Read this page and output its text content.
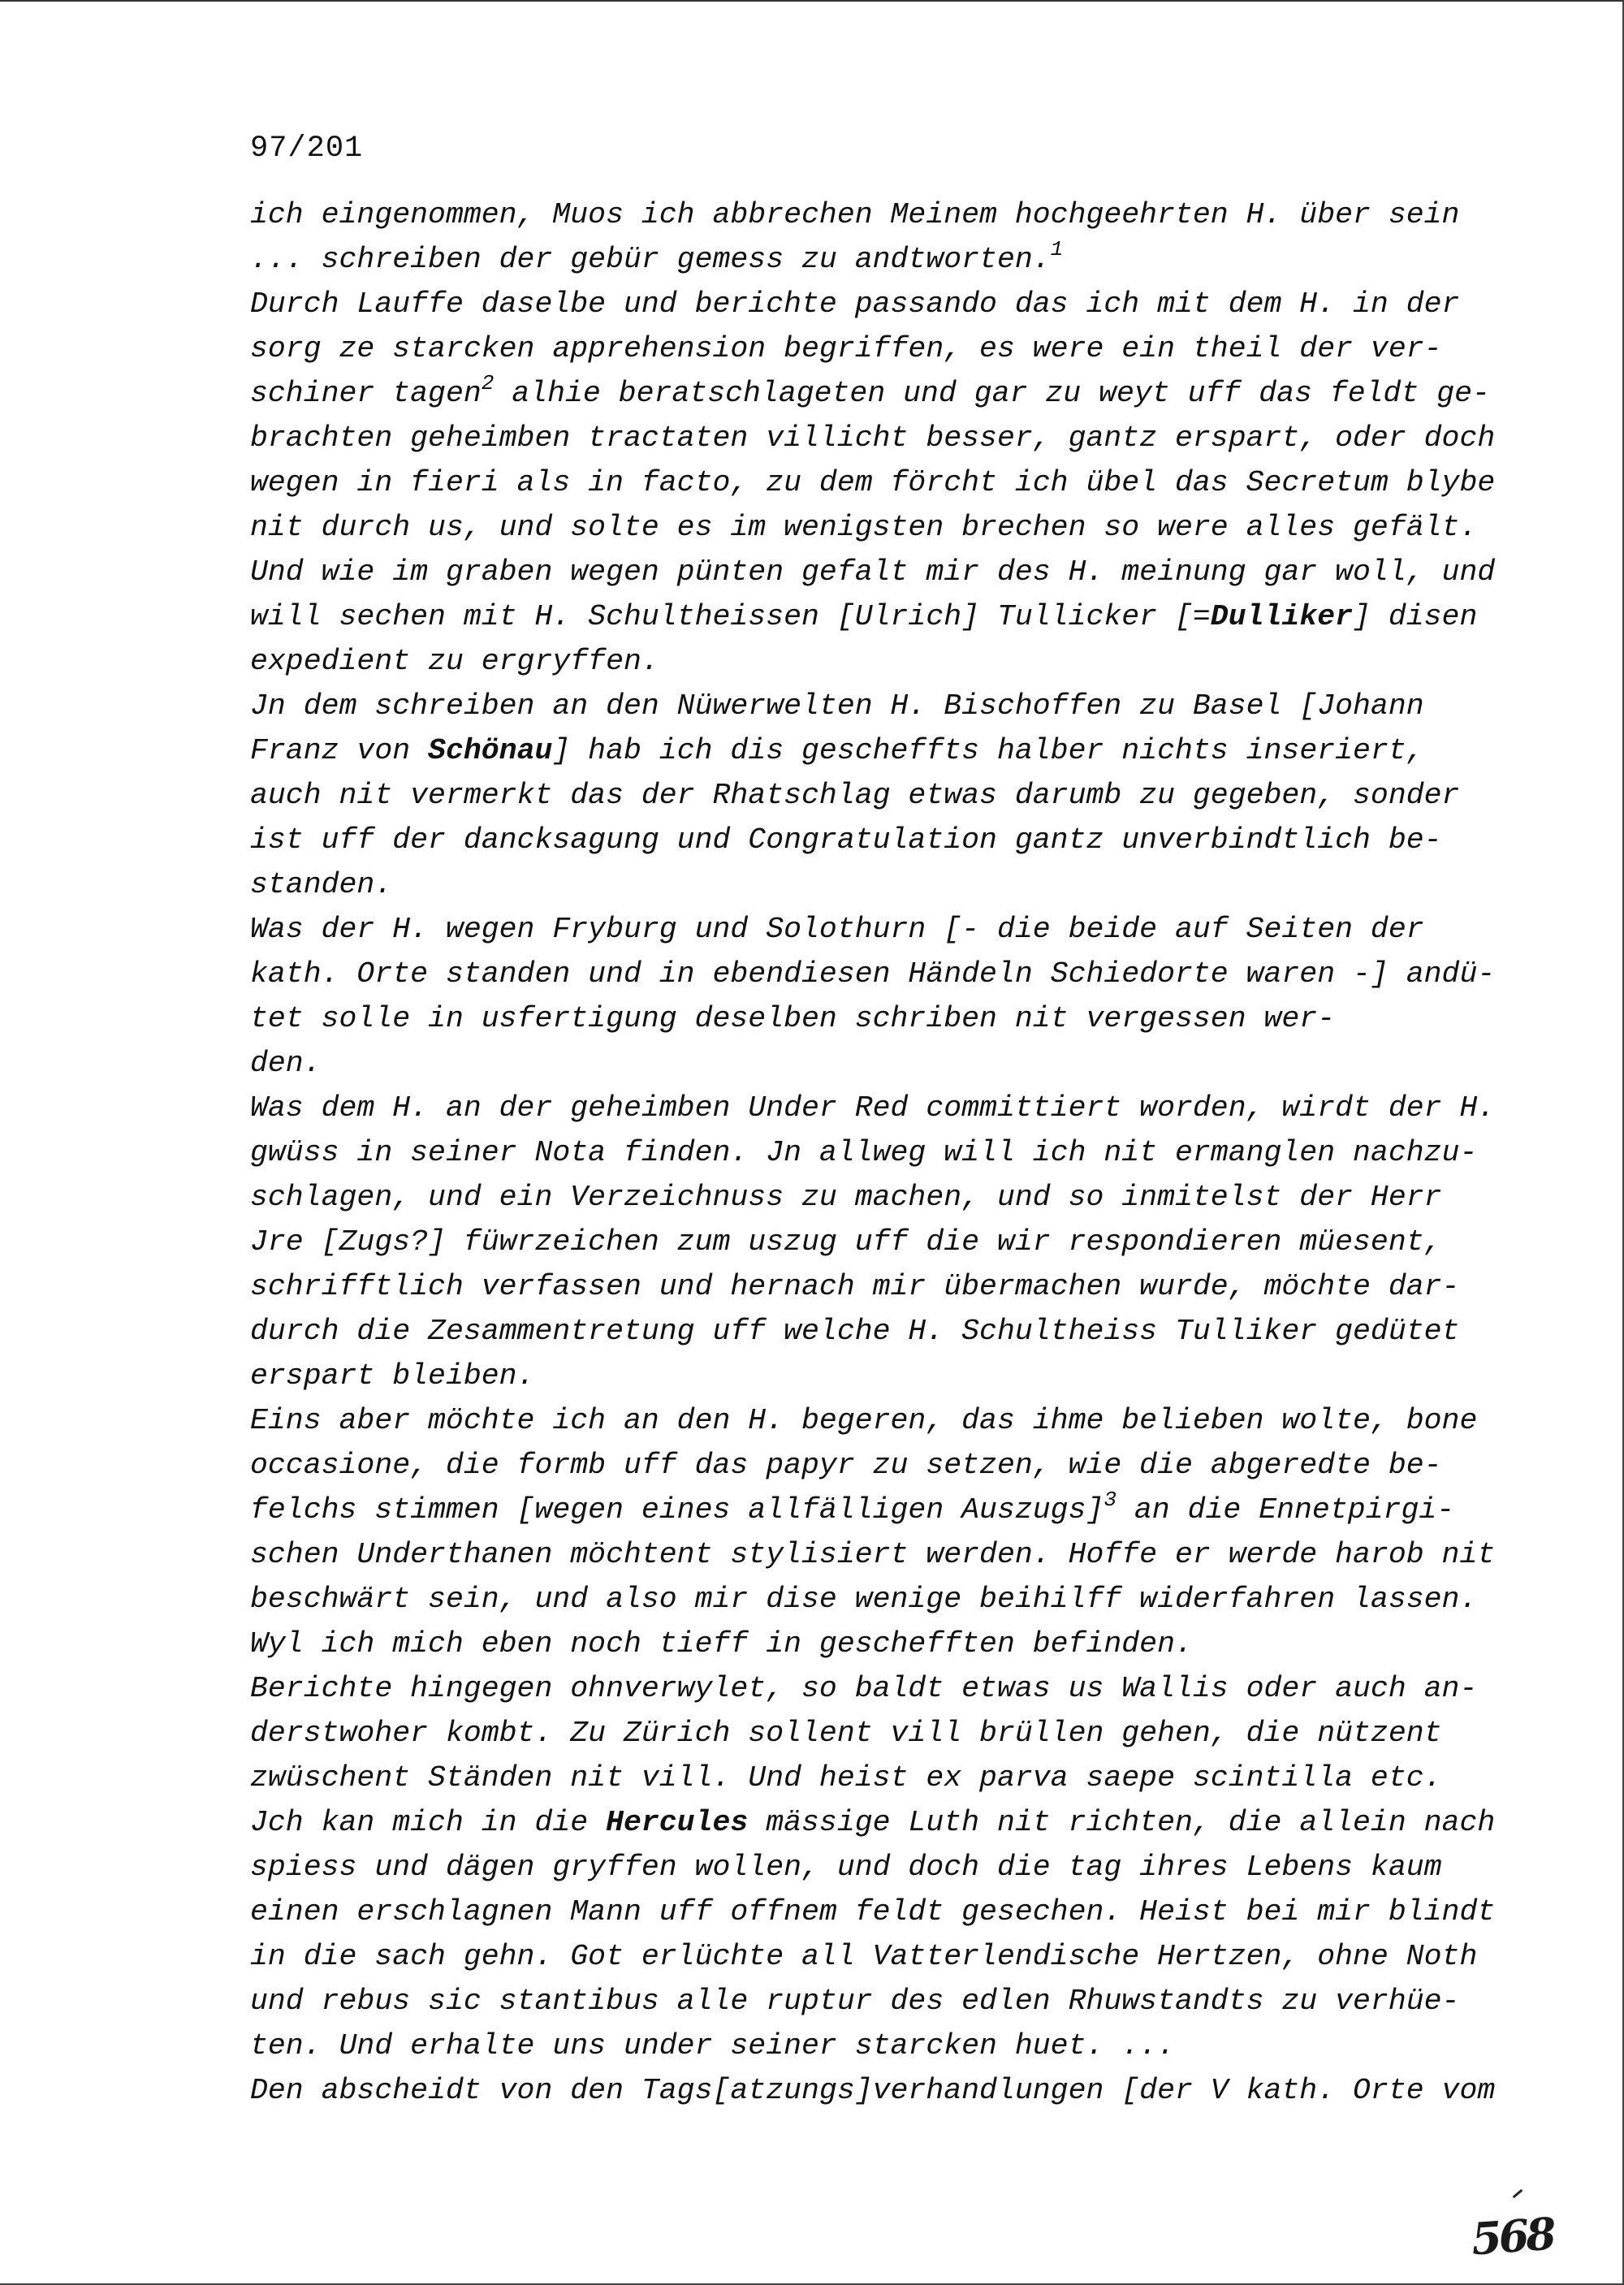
97/201
ich eingenommen, Muos ich abbrechen Meinem hochgeehrten H. über sein
... schreiben der gebür gemess zu andtworten.$^1$
Durch Lauffe daselbe und berichte passando das ich mit dem H. in der
sorg ze starcken apprehension begriffen, es were ein theil der ver-
schiner tagen$^2$ alhie beratschlageten und gar zu weyt uff das feldt ge-
brachten geheimben tractaten villicht besser, gantz erspart, oder doch
wegen in fieri als in facto, zu dem förcht ich übel das Secretum blybe
nit durch us, und solte es im wenigsten brechen so were alles gefält.
Und wie im graben wegen pünten gefalt mir des H. meinung gar woll, und
will sechen mit H. Schultheissen [Ulrich] Tullicker [=Dulliker] disen
expedient zu ergryffen.
Jn dem schreiben an den Nüwerwelten H. Bischoffen zu Basel [Johann
Franz von Schönau] hab ich dis gescheffts halber nichts inseriert,
auch nit vermerkt das der Rhatschlag etwas darumb zu gegeben, sonder
ist uff der dancksagung und Congratulation gantz unverbindtlich be-
standen.
Was der H. wegen Fryburg und Solothurn [- die beide auf Seiten der
kath. Orte standen und in ebendiesen Händeln Schiedorte waren -] andü-
tet solle in usfertigung deselben schriben nit vergessen wer-
den.
Was dem H. an der geheimben Under Red committiert worden, wirdt der H.
gwüss in seiner Nota finden. Jn allweg will ich nit ermanglen nachzu-
schlagen, und ein Verzeichnuss zu machen, und so inmitelst der Herr
Jre [Zugs?] füwrzeichen zum uszug uff die wir respondieren müesent,
schrifftlich verfassen und hernach mir übermachen wurde, möchte dar-
durch die Zesammentretung uff welche H. Schultheiss Tulliker gedütet
erspart bleiben.
Eins aber möchte ich an den H. begeren, das ihme belieben wolte, bone
occasione, die formb uff das papyr zu setzen, wie die abgeredte be-
felchs stimmen [wegen eines allfälligen Auszugs]$^3$ an die Ennetpirgi-
schen Underthanen möchtent stylisiert werden. Hoffe er werde harob nit
beschwärt sein, und also mir dise wenige beihilff widerfahren lassen.
Wyl ich mich eben noch tieff in geschefften befinden.
Berichte hingegen ohnverwylet, so baldt etwas us Wallis oder auch an-
derstwoher kombt. Zu Zürich sollent vill brüllen gehen, die nützent
zwüschent Ständen nit vill. Und heist ex parva saepe scintilla etc.
Jch kan mich in die Hercules mässige Luth nit richten, die allein nach
spiess und dägen gryffen wollen, und doch die tag ihres Lebens kaum
einen erschlagnen Mann uff offnem feldt gesechen. Heist bei mir blindt
in die sach gehn. Got erlüchte all Vatterlendische Hertzen, ohne Noth
und rebus sic stantibus alle ruptur des edlen Rhuwstandts zu verhüe-
ten. Und erhalte uns under seiner starcken huet. ...
Den abscheidt von den Tags[atzungs]verhandlungen [der V kath. Orte vom
568
